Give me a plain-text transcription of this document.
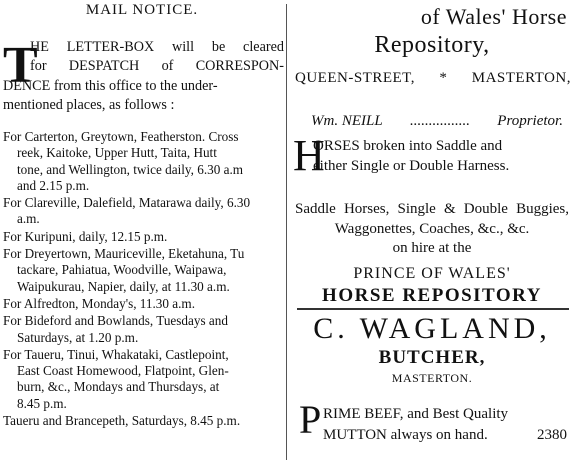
MAIL NOTICE.
T
HE LETTER-BOX will be cleared
for DESPATCH of CORRESPON-
DENCE from this office to the under-
mentioned places, as follows :
For Carterton, Greytown, Featherston. Cross
reek, Kaitoke, Upper Hutt, Taita, Hutt
tone, and Wellington, twice daily, 6.30 a.m
and 2.15 p.m.
For Clareville, Dalefield, Matarawa daily, 6.30
a.m.
For Kuripuni, daily, 12.15 p.m.
For Dreyertown, Mauriceville, Eketahuna, Tu
tackare, Pahiatua, Woodville, Waipawa,
Waipukurau, Napier, daily, at 11.30 a.m.
For Alfredton, Monday's, 11.30 a.m.
For Bideford and Bowlands, Tuesdays and
Saturdays, at 1.20 p.m.
For Taueru, Tinui, Whakataki, Castlepoint,
East Coast Homewood, Flatpoint, Glen-
burn, &c., Mondays and Thursdays, at
8.45 p.m.
Taueru and Brancepeth, Saturdays, 8.45 p.m.
of Wales' Horse
Repository,
QUEEN-STREET, * MASTERTON,
Wm. NEILL ................ Proprietor.
H
ORSES broken into Saddle and
either Single or Double Harness.
Saddle Horses, Single & Double Buggies,
Waggonettes, Coaches, &c., &c.
on hire at the
PRINCE OF WALES'
HORSE REPOSITORY
C. WAGLAND,
BUTCHER,
MASTERTON.
P RIME BEEF, and Best Quality
MUTTON always on hand.	2380
